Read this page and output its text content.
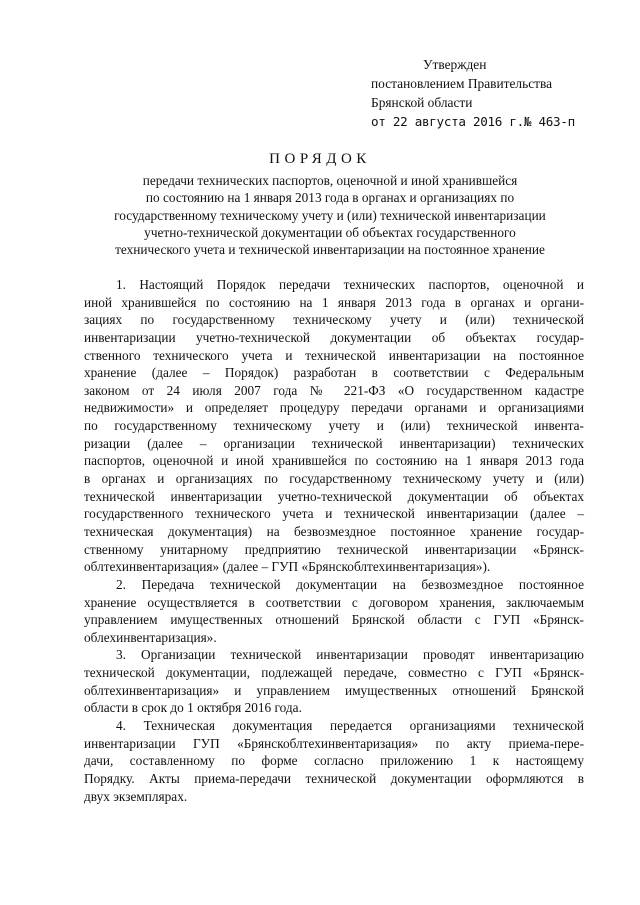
Утвержден
постановлением Правительства
Брянской области
от 22 августа 2016 г.№ 463-п
ПОРЯДОК
передачи технических паспортов, оценочной и иной хранившейся
по состоянию на 1 января 2013 года в органах и организациях по
государственному техническому учету и (или) технической инвентаризации
учетно-технической документации об объектах государственного
технического учета и технической инвентаризации на постоянное хранение
1. Настоящий Порядок передачи технических паспортов, оценочной и
иной хранившейся по состоянию на 1 января 2013 года в органах и органи-
зациях по государственному техническому учету и (или) технической
инвентаризации учетно-технической документации об объектах государ-
ственного технического учета и технической инвентаризации на постоянное
хранение (далее – Порядок) разработан в соответствии с Федеральным
законом от 24 июля 2007 года № 221-ФЗ «О государственном кадастре
недвижимости» и определяет процедуру передачи органами и организациями
по государственному техническому учету и (или) технической инвента-
ризации (далее – организации технической инвентаризации) технических
паспортов, оценочной и иной хранившейся по состоянию на 1 января 2013 года
в органах и организациях по государственному техническому учету и (или)
технической инвентаризации учетно-технической документации об объектах
государственного технического учета и технической инвентаризации (далее –
техническая документация) на безвозмездное постоянное хранение государ-
ственному унитарному предприятию технической инвентаризации «Брянск-
облтехинвентаризация» (далее – ГУП «Брянскоблтехинвентаризация»).
2. Передача технической документации на безвозмездное постоянное
хранение осуществляется в соответствии с договором хранения, заключаемым
управлением имущественных отношений Брянской области с ГУП «Брянск-
облехинвентаризация».
3. Организации технической инвентаризации проводят инвентаризацию
технической документации, подлежащей передаче, совместно с ГУП «Брянск-
облтехинвентаризация» и управлением имущественных отношений Брянской
области в срок до 1 октября 2016 года.
4. Техническая документация передается организациями технической
инвентаризации ГУП «Брянскоблтехинвентаризация» по акту приема-пере-
дачи, составленному по форме согласно приложению 1 к настоящему
Порядку. Акты приема-передачи технической документации оформляются в
двух экземплярах.
